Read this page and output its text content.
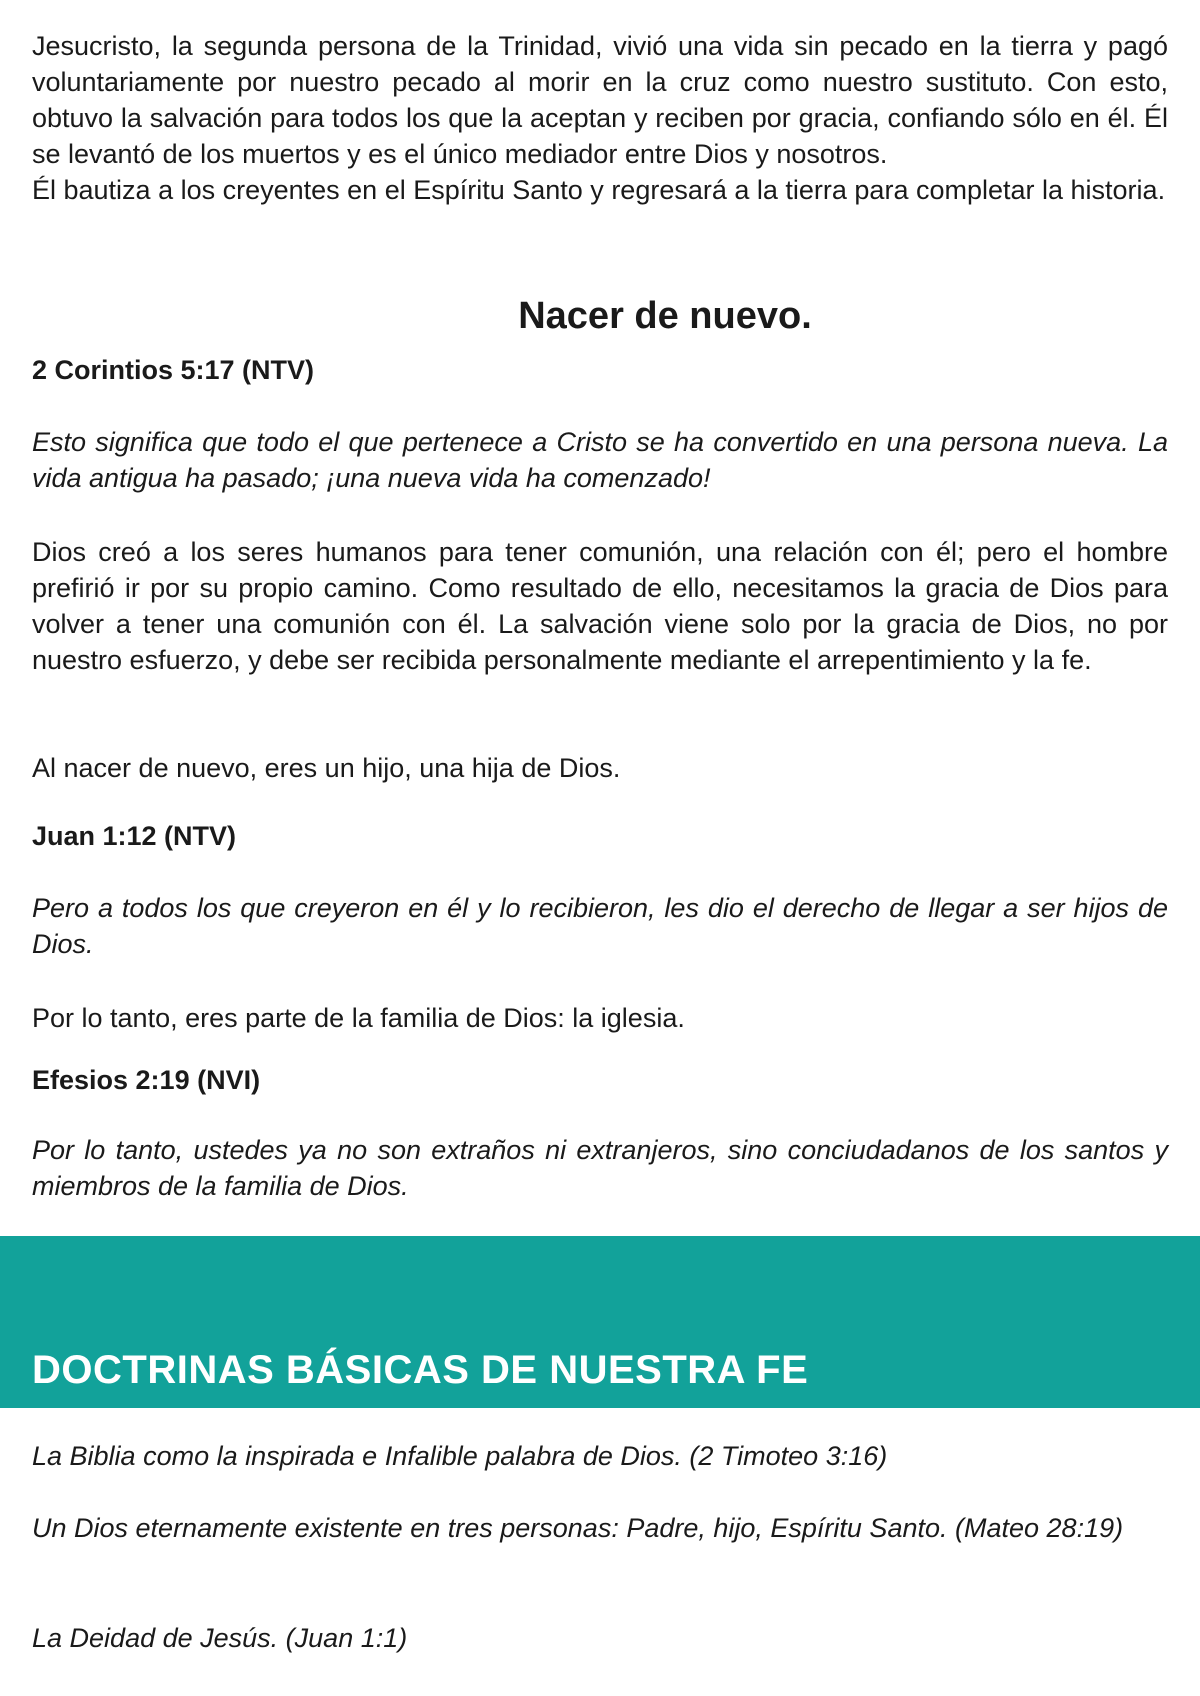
Jesucristo, la segunda persona de la Trinidad, vivió una vida sin pecado en la tierra y pagó voluntariamente por nuestro pecado al morir en la cruz como nuestro sustituto. Con esto, obtuvo la salvación para todos los que la aceptan y reciben por gracia, confiando sólo en él. Él se levantó de los muertos y es el único mediador entre Dios y nosotros.

Él bautiza a los creyentes en el Espíritu Santo y regresará a la tierra para completar la historia.

Nacer de nuevo.

2 Corintios 5:17 (NTV)

Esto significa que todo el que pertenece a Cristo se ha convertido en una persona nueva. La vida antigua ha pasado; ¡una nueva vida ha comenzado!

Dios creó a los seres humanos para tener comunión, una relación con él; pero el hombre prefirió ir por su propio camino. Como resultado de ello, necesitamos la gracia de Dios para volver a tener una comunión con él. La salvación viene solo por la gracia de Dios, no por nuestro esfuerzo, y debe ser recibida personalmente mediante el arrepentimiento y la fe.

Al nacer de nuevo, eres un hijo, una hija de Dios.

Juan 1:12 (NTV)

Pero a todos los que creyeron en él y lo recibieron, les dio el derecho de llegar a ser hijos de Dios.

Por lo tanto, eres parte de la familia de Dios: la iglesia.

Efesios 2:19 (NVI)

Por lo tanto, ustedes ya no son extraños ni extranjeros, sino conciudadanos de los santos y miembros de la familia de Dios.

DOCTRINAS BÁSICAS DE NUESTRA FE

La Biblia como la inspirada e Infalible palabra de Dios. (2 Timoteo 3:16)

Un Dios eternamente existente en tres personas: Padre, hijo, Espíritu Santo. (Mateo 28:19)

La Deidad de Jesús. (Juan 1:1)
